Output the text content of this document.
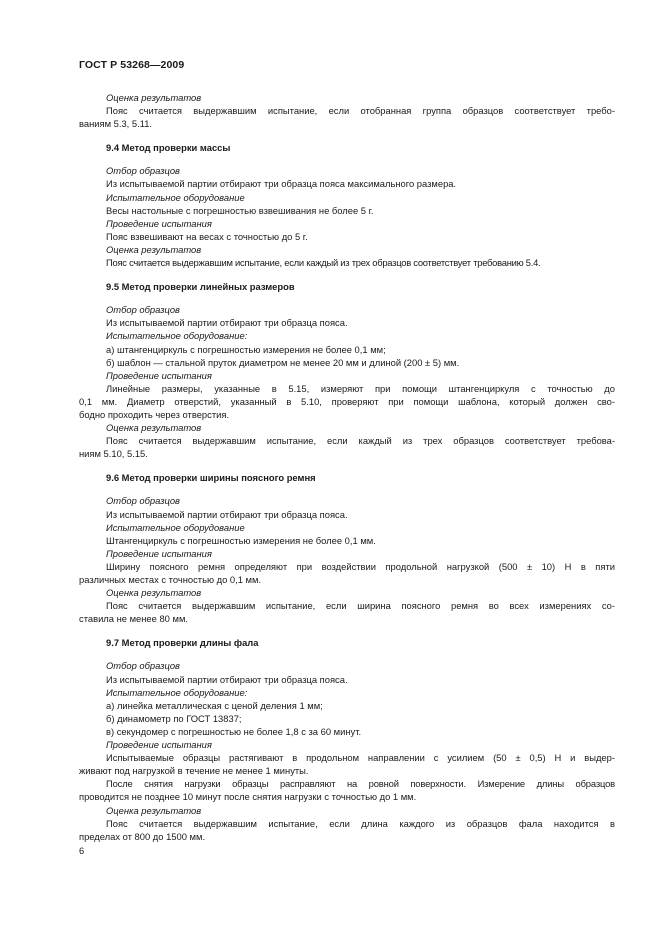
ГОСТ Р 53268—2009

Оценка результатов

Пояс считается выдержавшим испытание, если отобранная группа образцов соответствует требо-

ваниям 5.3, 5.11.

9.4 Метод проверки массы

Отбор образцов

Из испытываемой партии отбирают три образца пояса максимального размера.

Испытательное оборудование

Весы настольные с погрешностью взвешивания не более 5 г.

Проведение испытания

Пояс взвешивают на весах с точностью до 5 г.

Оценка результатов

Пояс считается выдержавшим испытание, если каждый из трех образцов соответствует требованию 5.4.

9.5 Метод проверки линейных размеров

Отбор образцов

Из испытываемой партии отбирают три образца пояса.

Испытательное оборудование:

а) штангенциркуль с погрешностью измерения не более 0,1 мм;

б) шаблон — стальной пруток диаметром не менее 20 мм и длиной (200 ± 5) мм.

Проведение испытания

Линейные размеры, указанные в 5.15, измеряют при помощи штангенциркуля с точностью до

0,1 мм. Диаметр отверстий, указанный в 5.10, проверяют при помощи шаблона, который должен сво-

бодно проходить через отверстия.

Оценка результатов

Пояс считается выдержавшим испытание, если каждый из трех образцов соответствует требова-

ниям 5.10, 5.15.

9.6 Метод проверки ширины поясного ремня

Отбор образцов

Из испытываемой партии отбирают три образца пояса.

Испытательное оборудование

Штангенциркуль с погрешностью измерения не более 0,1 мм.

Проведение испытания

Ширину поясного ремня определяют при воздействии продольной нагрузкой (500 ± 10) Н в пяти

различных местах с точностью до 0,1 мм.

Оценка результатов

Пояс считается выдержавшим испытание, если ширина поясного ремня во всех измерениях со-

ставила не менее 80 мм.

9.7 Метод проверки длины фала

Отбор образцов

Из испытываемой партии отбирают три образца пояса.

Испытательное оборудование:

а) линейка металлическая с ценой деления 1 мм;

б) динамометр по ГОСТ 13837;

в) секундомер с погрешностью не более 1,8 с за 60 минут.

Проведение испытания

Испытываемые образцы растягивают в продольном направлении с усилием (50 ± 0,5) Н и выдер-

живают под нагрузкой в течение не менее 1 минуты.

После снятия нагрузки образцы расправляют на ровной поверхности. Измерение длины образцов

проводится не позднее 10 минут после снятия нагрузки с точностью до 1 мм.

Оценка результатов

Пояс считается выдержавшим испытание, если длина каждого из образцов фала находится в

пределах от 800 до 1500 мм.

6
